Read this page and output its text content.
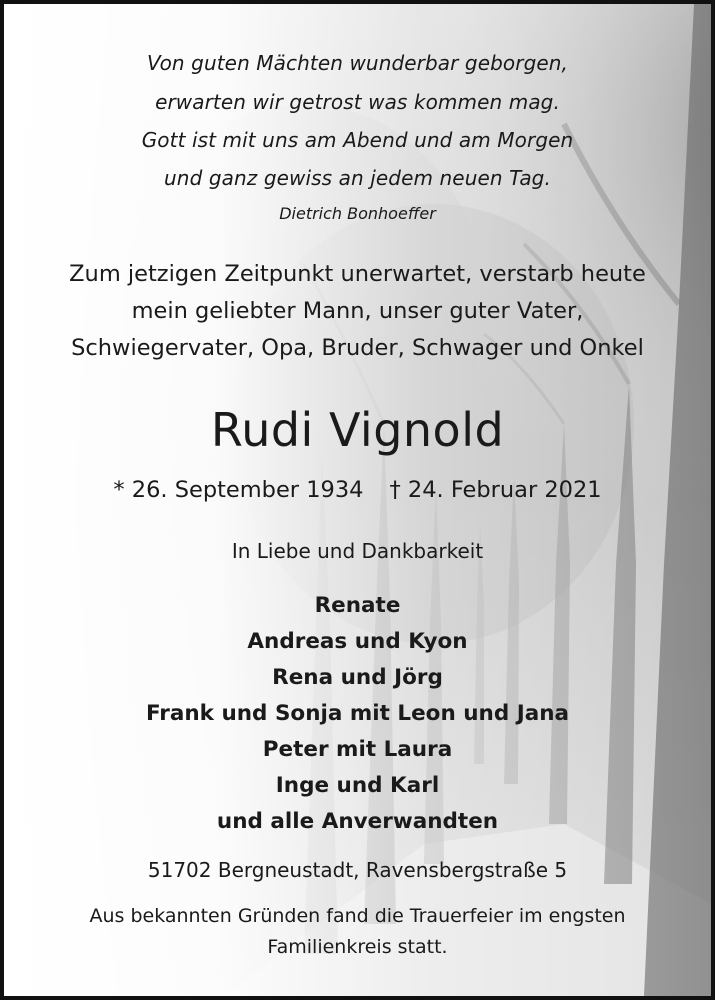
Von guten Mächten wunderbar geborgen,
erwarten wir getrost was kommen mag.
Gott ist mit uns am Abend und am Morgen
und ganz gewiss an jedem neuen Tag.
Dietrich Bonhoeffer
Zum jetzigen Zeitpunkt unerwartet, verstarb heute
mein geliebter Mann, unser guter Vater,
Schwiegervater, Opa, Bruder, Schwager und Onkel
Rudi Vignold
* 26. September 1934 † 24. Februar 2021
In Liebe und Dankbarkeit
Renate
Andreas und Kyon
Rena und Jörg
Frank und Sonja mit Leon und Jana
Peter mit Laura
Inge und Karl
und alle Anverwandten
51702 Bergneustadt, Ravensbergstraße 5
Aus bekannten Gründen fand die Trauerfeier im engsten
Familienkreis statt.
